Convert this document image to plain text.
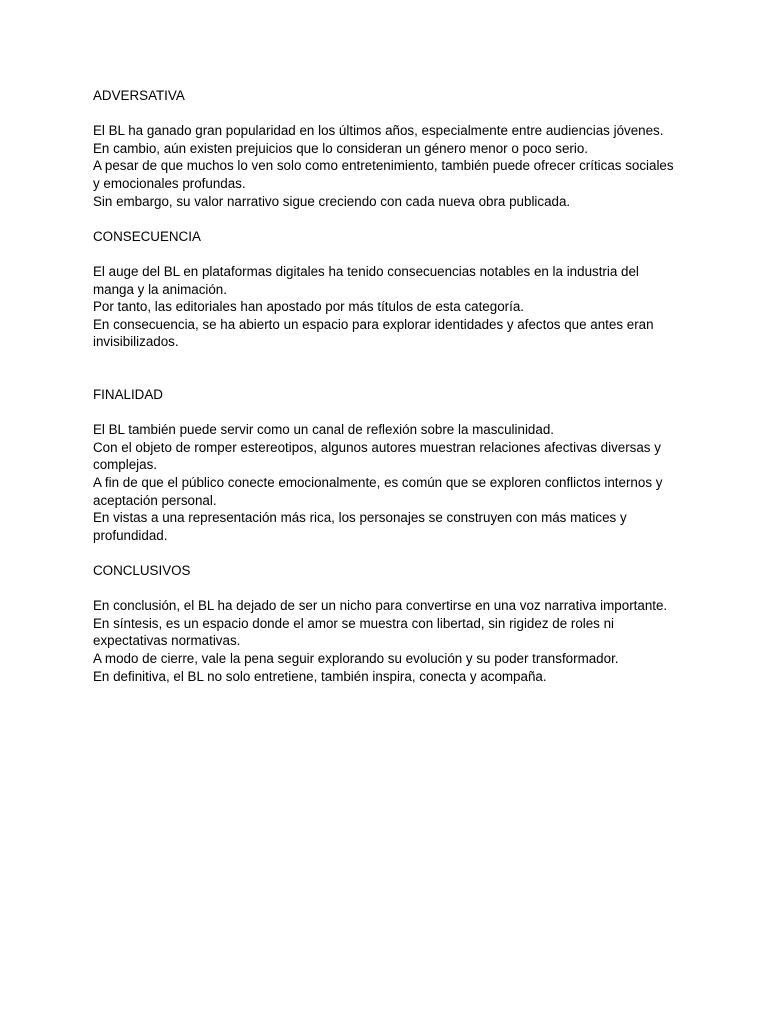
ADVERSATIVA

El BL ha ganado gran popularidad en los últimos años, especialmente entre audiencias jóvenes.

En cambio, aún existen prejuicios que lo consideran un género menor o poco serio.

A pesar de que muchos lo ven solo como entretenimiento, también puede ofrecer críticas sociales y emocionales profundas.

Sin embargo, su valor narrativo sigue creciendo con cada nueva obra publicada.

CONSECUENCIA

El auge del BL en plataformas digitales ha tenido consecuencias notables en la industria del manga y la animación.

Por tanto, las editoriales han apostado por más títulos de esta categoría.

En consecuencia, se ha abierto un espacio para explorar identidades y afectos que antes eran invisibilizados.

FINALIDAD

El BL también puede servir como un canal de reflexión sobre la masculinidad.

Con el objeto de romper estereotipos, algunos autores muestran relaciones afectivas diversas y complejas.

A fin de que el público conecte emocionalmente, es común que se exploren conflictos internos y aceptación personal.

En vistas a una representación más rica, los personajes se construyen con más matices y profundidad.

CONCLUSIVOS

En conclusión, el BL ha dejado de ser un nicho para convertirse en una voz narrativa importante.

En síntesis, es un espacio donde el amor se muestra con libertad, sin rigidez de roles ni expectativas normativas.

A modo de cierre, vale la pena seguir explorando su evolución y su poder transformador.

En definitiva, el BL no solo entretiene, también inspira, conecta y acompaña.
